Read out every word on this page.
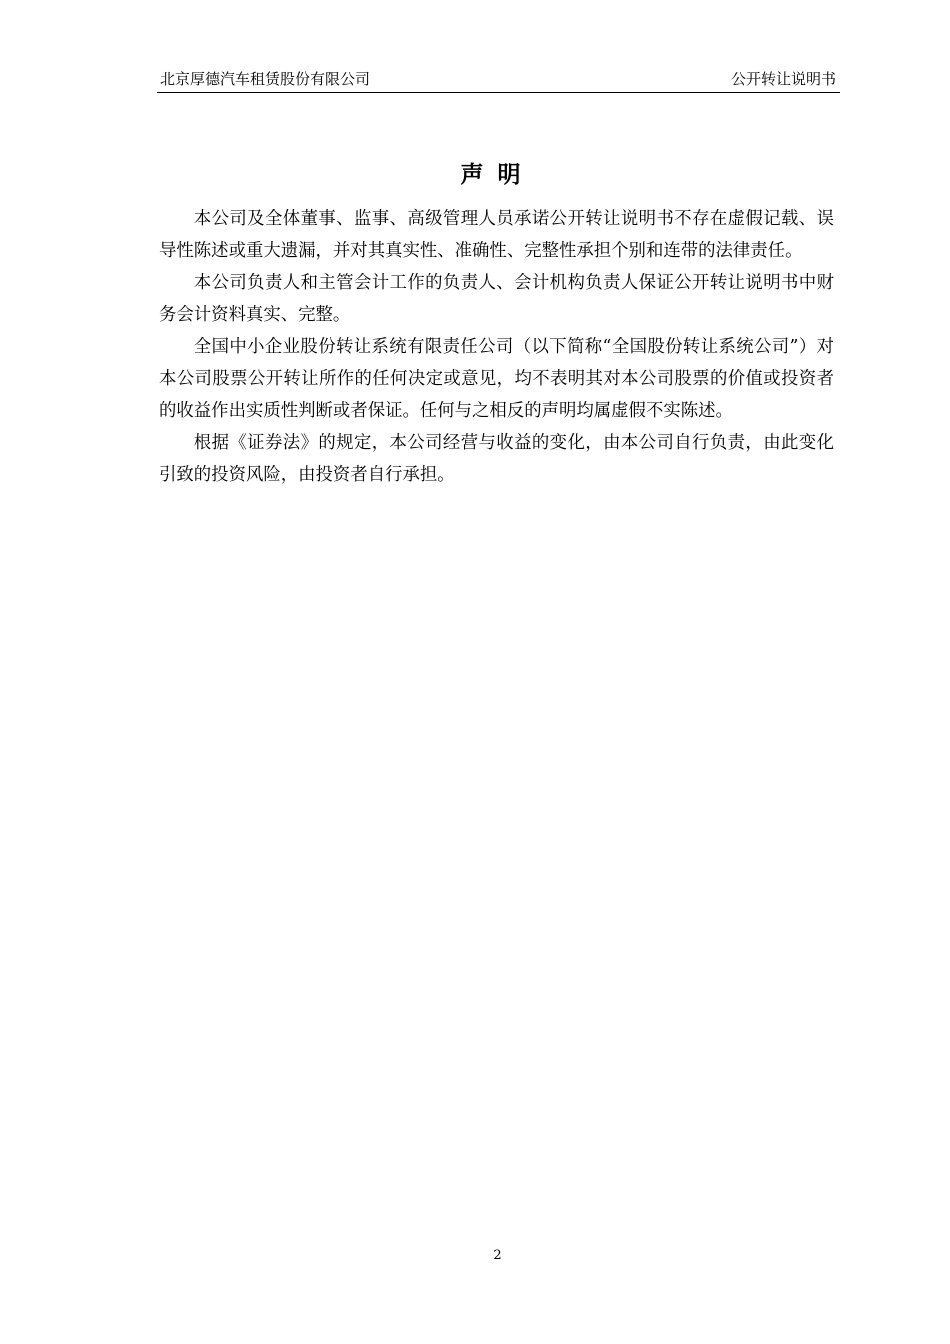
北京厚德汽车租赁股份有限公司	公开转让说明书
声明

本公司及全体董事、监事、高级管理人员承诺公开转让说明书不存在虚假记载、误导性陈述或重大遗漏，并对其真实性、准确性、完整性承担个别和连带的法律责任。

本公司负责人和主管会计工作的负责人、会计机构负责人保证公开转让说明书中财务会计资料真实、完整。

全国中小企业股份转让系统有限责任公司（以下简称“全国股份转让系统公司”）对本公司股票公开转让所作的任何决定或意见，均不表明其对本公司股票的价值或投资者的收益作出实质性判断或者保证。任何与之相反的声明均属虚假不实陈述。

根据《证券法》的规定，本公司经营与收益的变化，由本公司自行负责，由此变化引致的投资风险，由投资者自行承担。

2
